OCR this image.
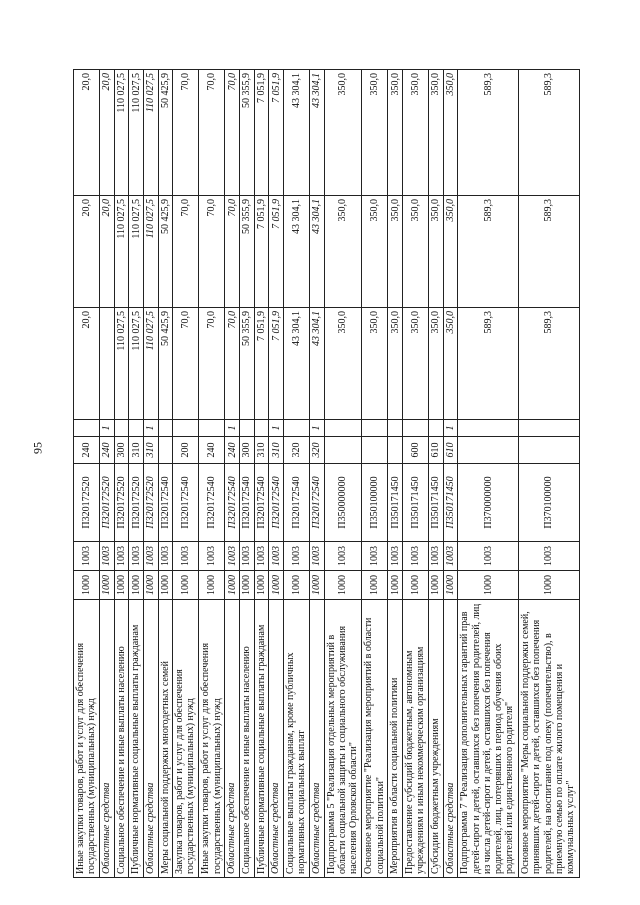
95
Иные закупки товаров, работ и услуг для обеспечения государственных (муниципальных) нужд	1000	1003	П320172520	240		20,0	20,0	20,0
Областные средства	1000	1003	П320172520	240	1		20,0	20,0
Социальное обеспечение и иные выплаты населению	1000	1003	П320172520	300		110 027,5	110 027,5	110 027,5
Публичные нормативные социальные выплаты гражданам	1000	1003	П320172520	310		110 027,5	110 027,5	110 027,5
Областные средства	1000	1003	П320172520	310	1	110 027,5	110 027,5	110 027,5
Меры социальной поддержки многодетных семей	1000	1003	П320172540			50 425,9	50 425,9	50 425,9
Закупка товаров, работ и услуг для обеспечения государственных (муниципальных) нужд	1000	1003	П320172540	200		70,0	70,0	70,0
Иные закупки товаров, работ и услуг для обеспечения государственных (муниципальных) нужд	1000	1003	П320172540	240		70,0	70,0	70,0
Областные средства	1000	1003	П320172540	240	1	70,0	70,0	70,0
Социальное обеспечение и иные выплаты населению	1000	1003	П320172540	300		50 355,9	50 355,9	50 355,9
Публичные нормативные социальные выплаты гражданам	1000	1003	П320172540	310		7 051,9	7 051,9	7 051,9
Областные средства	1000	1003	П320172540	310	1	7 051,9	7 051,9	7 051,9
Социальные выплаты гражданам, кроме публичных нормативных социальных выплат	1000	1003	П320172540	320		43 304,1	43 304,1	43 304,1
Областные средства	1000	1003	П320172540	320	1	43 304,1	43 304,1	43 304,1
Подпрограмма 5 "Реализация отдельных мероприятий в области социальной защиты и социального обслуживания населения Орловской области"	1000	1003	П350000000			350,0	350,0	350,0
Основное мероприятие "Реализация мероприятий в области социальной политики"	1000	1003	П350100000			350,0	350,0	350,0
Мероприятия в области социальной политики	1000	1003	П350171450			350,0	350,0	350,0
Предоставление субсидий бюджетным, автономным учреждениям и иным некоммерческим организациям	1000	1003	П350171450	600		350,0	350,0	350,0
Субсидии бюджетным учреждениям	1000	1003	П350171450	610		350,0	350,0	350,0
Областные средства	1000	1003	П350171450	610	1	350,0	350,0	350,0
Подпрограмма 7 "Реализация дополнительных гарантий прав детей-сирот и детей, оставшихся без попечения родителей, лиц из числа детей-сирот и детей, оставшихся без попечения родителей, лиц, потерявших в период обучения обоих родителей или единственного родителя"	1000	1003	П370000000			589,3	589,3	589,3
Основное мероприятие "Меры социальной поддержки семей, принявших детей-сирот и детей, оставшихся без попечения родителей, на воспитание под опеку (попечительство), в приемную семью по оплате жилого помещения и коммунальных услуг"	1000	1003	П370100000			589,3	589,3	589,3
